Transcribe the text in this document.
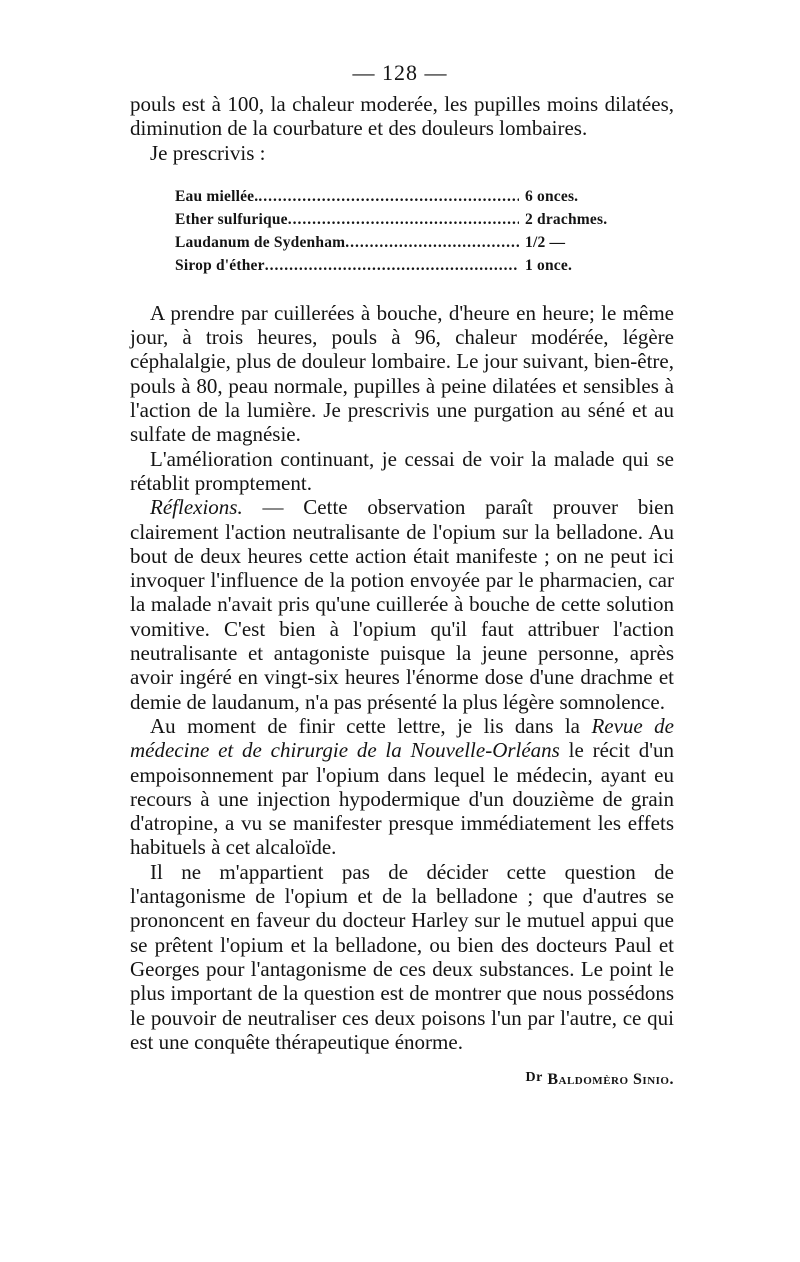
— 128 —

pouls est à 100, la chaleur moderée, les pupilles moins dilatées, diminution de la courbature et des douleurs lombaires.

Je prescrivis :

Eau miellée. .....	6 onces.
Ether sulfurique .....	2 drachmes.
Laudanum de Sydenham .....	1/2 —
Sirop d'éther .....	1 once.

A prendre par cuillerées à bouche, d'heure en heure; le même jour, à trois heures, pouls à 96, chaleur modérée, légère céphalalgie, plus de douleur lombaire. Le jour suivant, bien-être, pouls à 80, peau normale, pupilles à peine dilatées et sensibles à l'action de la lumière. Je prescrivis une purgation au séné et au sulfate de magnésie.

L'amélioration continuant, je cessai de voir la malade qui se rétablit promptement.

Réflexions. — Cette observation paraît prouver bien clairement l'action neutralisante de l'opium sur la belladone. Au bout de deux heures cette action était manifeste ; on ne peut ici invoquer l'influence de la potion envoyée par le pharmacien, car la malade n'avait pris qu'une cuillerée à bouche de cette solution vomitive. C'est bien à l'opium qu'il faut attribuer l'action neutralisante et antagoniste puisque la jeune personne, après avoir ingéré en vingt-six heures l'énorme dose d'une drachme et demie de laudanum, n'a pas présenté la plus légère somnolence.

Au moment de finir cette lettre, je lis dans la Revue de médecine et de chirurgie de la Nouvelle-Orléans le récit d'un empoisonnement par l'opium dans lequel le médecin, ayant eu recours à une injection hypodermique d'un douzième de grain d'atropine, a vu se manifester presque immédiatement les effets habituels à cet alcaloïde.

Il ne m'appartient pas de décider cette question de l'antagonisme de l'opium et de la belladone ; que d'autres se prononcent en faveur du docteur Harley sur le mutuel appui que se prêtent l'opium et la belladone, ou bien des docteurs Paul et Georges pour l'antagonisme de ces deux substances. Le point le plus important de la question est de montrer que nous possédons le pouvoir de neutraliser ces deux poisons l'un par l'autre, ce qui est une conquête thérapeutique énorme.

Dr Baldomèro Sinio.
